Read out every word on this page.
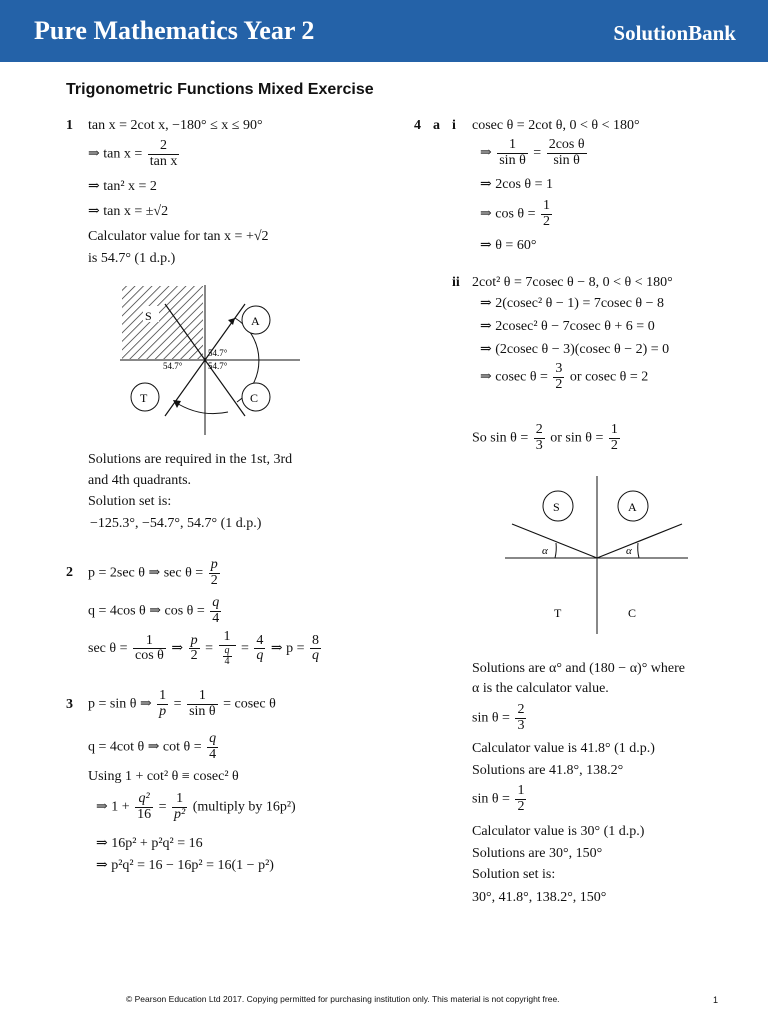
Pure Mathematics Year 2	SolutionBank
Trigonometric Functions Mixed Exercise
1 tan x = 2cot x, −180° ≤ x ≤ 90°
⇒ $\tan x = \frac{2}{\text{tan x}}$
⇒ tan² x = 2
⇒ tan x = ±√2
Calculator value for tan x = +√2
is 54.7° (1 d.p.)
S	A
T	C
54.7°
54.7°
54.7°
Solutions are required in the 1st, 3rd
and 4th quadrants.
Solution set is:
−125.3°, −54.7°, 54.7° (1 d.p.)
2 p = 2sec θ ⇒ $\sec \theta = \frac{p}{2}$
q = 4cos θ ⇒ $\cos \theta = \frac{q}{4}$
$\sec \theta = \frac{1}{\text{cos θ}}$ ⇒ $\frac{p}{2} = \frac{1}{\frac{q}{4}} = \frac{4}{q}$ ⇒ $p = \frac{8}{q}$
3 p = sin θ ⇒ $\frac{1}{p} = \frac{1}{\text{sin θ}} = cosec$ θ
q = 4cot θ ⇒ $\cot \theta = \frac{q}{4}$
Using 1 + cot² θ ≡ cosec² θ
⇒ $1 + \frac{\text{q²}}{16} = \frac{1}{\text{p²}}$ (multiply by 16p²)
⇒ 16p² + p²q² = 16
⇒ p²q² = 16 − 16p² = 16(1 − p²)
4 a i cosec θ = 2cot θ, 0 < θ < 180°
⇒ $\frac{1}{\text{sin θ}} = \frac{\text{2cos θ}}{\text{sin θ}}$
⇒ 2cos θ = 1
⇒ $\cos \theta = \frac{1}{2}$
⇒ θ = 60°
ii 2cot² θ = 7cosec θ − 8, 0 < θ < 180°
⇒ 2(cosec² θ − 1) = 7cosec θ − 8
⇒ 2cosec² θ − 7cosec θ + 6 = 0
⇒ (2cosec θ − 3)(cosec θ − 2) = 0
⇒ cosec $\theta = \frac{3}{2}$ or cosec θ = 2
So $\sin \theta = \frac{2}{3}$ or $\sin \theta = \frac{1}{2}$
α	α
S	A
T	C
Solutions are α° and (180 − α)° where
α is the calculator value.
$\sin \theta = \frac{2}{3}$
Calculator value is 41.8° (1 d.p.)
Solutions are 41.8°, 138.2°
$\sin \theta = \frac{1}{2}$
Calculator value is 30° (1 d.p.)
Solutions are 30°, 150°
Solution set is:
30°, 41.8°, 138.2°, 150°
© Pearson Education Ltd 2017. Copying permitted for purchasing institution only. This material is not copyright free.	1
